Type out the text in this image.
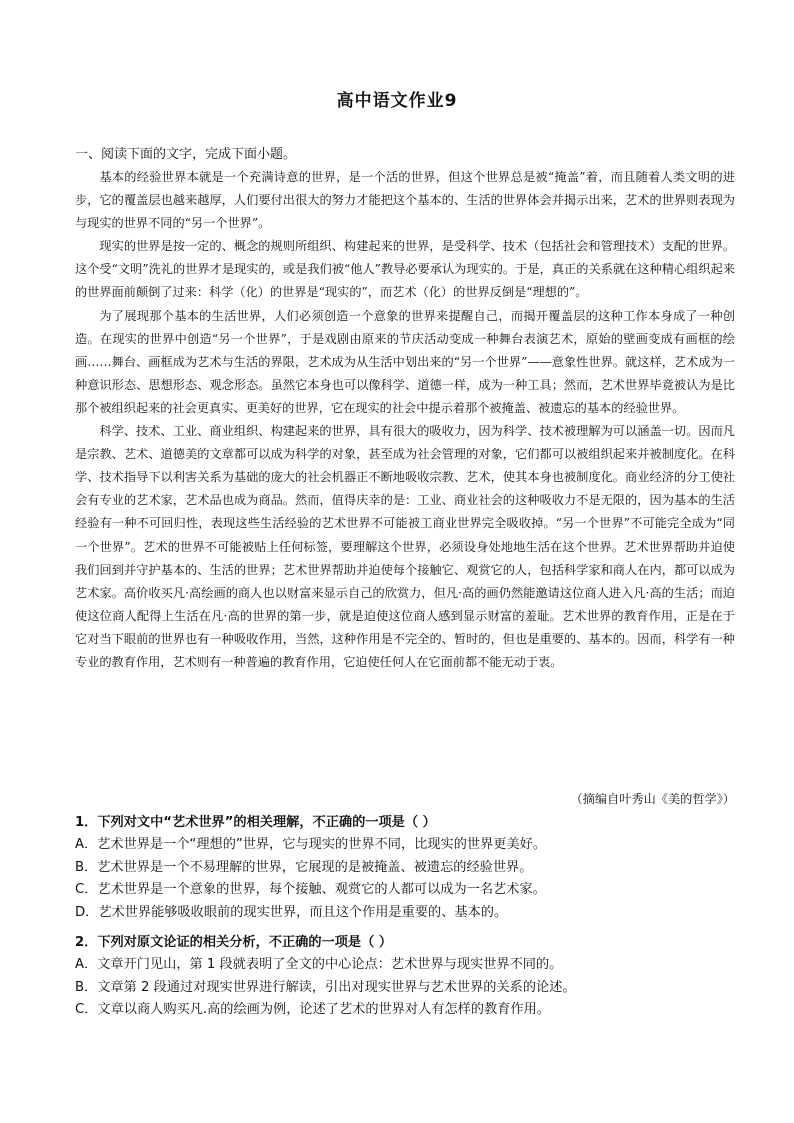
高中语文作业9
一、阅读下面的文字，完成下面小题。

基本的经验世界本就是一个充满诗意的世界，是一个活的世界，但这个世界总是被“掩盖”着，而且随着人类文明的进步，它的覆盖层也越来越厚，人们要付出很大的努力才能把这个基本的、生活的世界体会并揭示出来，艺术的世界则表现为与现实的世界不同的“另一个世界”。

现实的世界是按一定的、概念的规则所组织、构建起来的世界，是受科学、技术（包括社会和管理技术）支配的世界。这个受“文明”洗礼的世界才是现实的，或是我们被“他人”教导必要承认为现实的。于是，真正的关系就在这种精心组织起来的世界面前颠倒了过来：科学（化）的世界是“现实的”，而艺术（化）的世界反倒是“理想的”。

为了展现那个基本的生活世界，人们必须创造一个意象的世界来提醒自己，而揭开覆盖层的这种工作本身成了一种创造。在现实的世界中创造“另一个世界”，于是戏剧由原来的节庆活动变成一种舞台表演艺术，原始的壁画变成有画框的绘画……舞台、画框成为艺术与生活的界限，艺术成为从生活中划出来的“另一个世界”——意象性世界。就这样，艺术成为一种意识形态、思想形态、观念形态。虽然它本身也可以像科学、道德一样，成为一种工具；然而，艺术世界毕竟被认为是比那个被组织起来的社会更真实、更美好的世界，它在现实的社会中提示着那个被掩盖、被遗忘的基本的经验世界。

科学、技术、工业、商业组织、构建起来的世界，具有很大的吸收力，因为科学、技术被理解为可以涵盖一切。因而凡是宗教、艺术、道德美的文章都可以成为科学的对象，甚至成为社会管理的对象，它们都可以被组织起来并被制度化。在科学、技术指导下以利害关系为基础的庞大的社会机器正不断地吸收宗教、艺术，使其本身也被制度化。商业经济的分工使社会有专业的艺术家，艺术品也成为商品。然而，值得庆幸的是：工业、商业社会的这种吸收力不是无限的，因为基本的生活经验有一种不可回归性，表现这些生活经验的艺术世界不可能被工商业世界完全吸收掉。“另一个世界”不可能完全成为“同一个世界”。艺术的世界不可能被贴上任何标签，要理解这个世界，必须设身处地地生活在这个世界。艺术世界帮助并迫使我们回到并守护基本的、生活的世界；艺术世界帮助并迫使每个接触它、观赏它的人，包括科学家和商人在内，都可以成为艺术家。高价收买凡·高绘画的商人也以财富来显示自己的欣赏力，但凡·高的画仍然能邀请这位商人进入凡·高的生活；而迫使这位商人配得上生活在凡·高的世界的第一步，就是迫使这位商人感到显示财富的羞耻。艺术世界的教育作用，正是在于它对当下眼前的世界也有一种吸收作用，当然，这种作用是不完全的、暂时的，但也是重要的、基本的。因而，科学有一种专业的教育作用，艺术则有一种普遍的教育作用，它迫使任何人在它面前都不能无动于衷。

（摘编自叶秀山《美的哲学》）
1．下列对文中“艺术世界”的相关理解，不正确的一项是（ ）
A．艺术世界是一个“理想的”世界，它与现实的世界不同，比现实的世界更美好。
B．艺术世界是一个不易理解的世界，它展现的是被掩盖、被遗忘的经验世界。
C．艺术世界是一个意象的世界，每个接触、观赏它的人都可以成为一名艺术家。
D．艺术世界能够吸收眼前的现实世界，而且这个作用是重要的、基本的。
2．下列对原文论证的相关分析，不正确的一项是（ ）
A．文章开门见山，第 1 段就表明了全文的中心论点：艺术世界与现实世界不同的。
B．文章第 2 段通过对现实世界进行解读，引出对现实世界与艺术世界的关系的论述。
C．文章以商人购买凡.高的绘画为例，论述了艺术的世界对人有怎样的教育作用。
